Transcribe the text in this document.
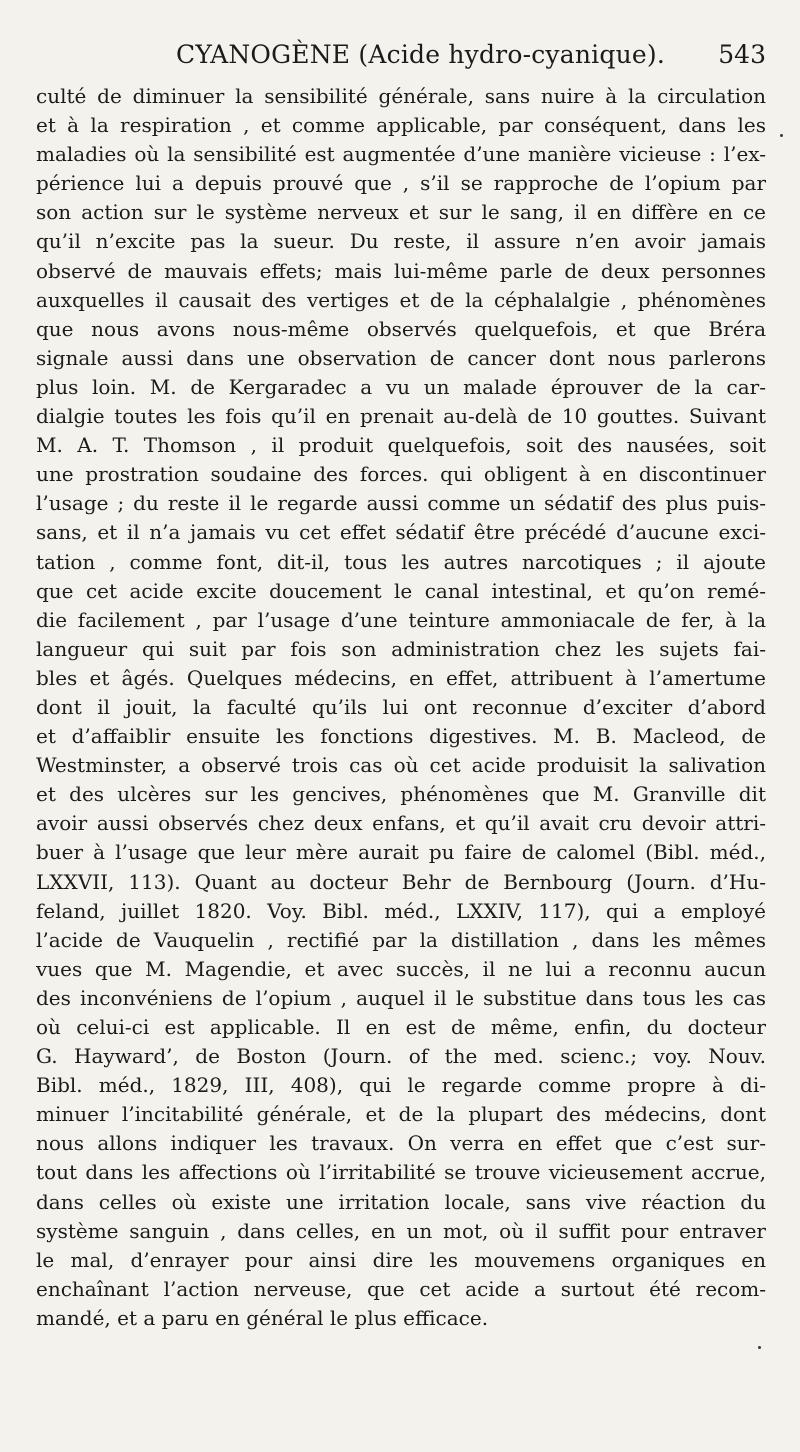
CYANOGÈNE (Acide hydro-cyanique). 543
culté de diminuer la sensibilité générale, sans nuire à la circulation
et à la respiration , et comme applicable, par conséquent, dans les
maladies où la sensibilité est augmentée d’une manière vicieuse : l’ex-
périence lui a depuis prouvé que , s’il se rapproche de l’opium par
son action sur le système nerveux et sur le sang, il en diffère en ce
qu’il n’excite pas la sueur. Du reste, il assure n’en avoir jamais
observé de mauvais effets; mais lui-même parle de deux personnes
auxquelles il causait des vertiges et de la céphalalgie , phénomènes
que nous avons nous-même observés quelquefois, et que Bréra
signale aussi dans une observation de cancer dont nous parlerons
plus loin. M. de Kergaradec a vu un malade éprouver de la car-
dialgie toutes les fois qu’il en prenait au-delà de 10 gouttes. Suivant
M. A. T. Thomson , il produit quelquefois, soit des nausées, soit
une prostration soudaine des forces. qui obligent à en discontinuer
l’usage ; du reste il le regarde aussi comme un sédatif des plus puis-
sans, et il n’a jamais vu cet effet sédatif être précédé d’aucune exci-
tation , comme font, dit-il, tous les autres narcotiques ; il ajoute
que cet acide excite doucement le canal intestinal, et qu’on remé-
die facilement , par l’usage d’une teinture ammoniacale de fer, à la
langueur qui suit par fois son administration chez les sujets fai-
bles et âgés. Quelques médecins, en effet, attribuent à l’amertume
dont il jouit, la faculté qu’ils lui ont reconnue d’exciter d’abord
et d’affaiblir ensuite les fonctions digestives. M. B. Macleod, de
Westminster, a observé trois cas où cet acide produisit la salivation
et des ulcères sur les gencives, phénomènes que M. Granville dit
avoir aussi observés chez deux enfans, et qu’il avait cru devoir attri-
buer à l’usage que leur mère aurait pu faire de calomel (Bibl. méd.,
LXXVII, 113). Quant au docteur Behr de Bernbourg (Journ. d’Hu-
feland, juillet 1820. Voy. Bibl. méd., LXXIV, 117), qui a employé
l’acide de Vauquelin , rectifié par la distillation , dans les mêmes
vues que M. Magendie, et avec succès, il ne lui a reconnu aucun
des inconvéniens de l’opium , auquel il le substitue dans tous les cas
où celui-ci est applicable. Il en est de même, enfin, du docteur
G. Hayward’, de Boston (Journ. of the med. scienc.; voy. Nouv.
Bibl. méd., 1829, III, 408), qui le regarde comme propre à di-
minuer l’incitabilité générale, et de la plupart des médecins, dont
nous allons indiquer les travaux. On verra en effet que c’est sur-
tout dans les affections où l’irritabilité se trouve vicieusement accrue,
dans celles où existe une irritation locale, sans vive réaction du
système sanguin , dans celles, en un mot, où il suffit pour entraver
le mal, d’enrayer pour ainsi dire les mouvemens organiques en
enchaînant l’action nerveuse, que cet acide a surtout été recom-
mandé, et a paru en général le plus efficace.
